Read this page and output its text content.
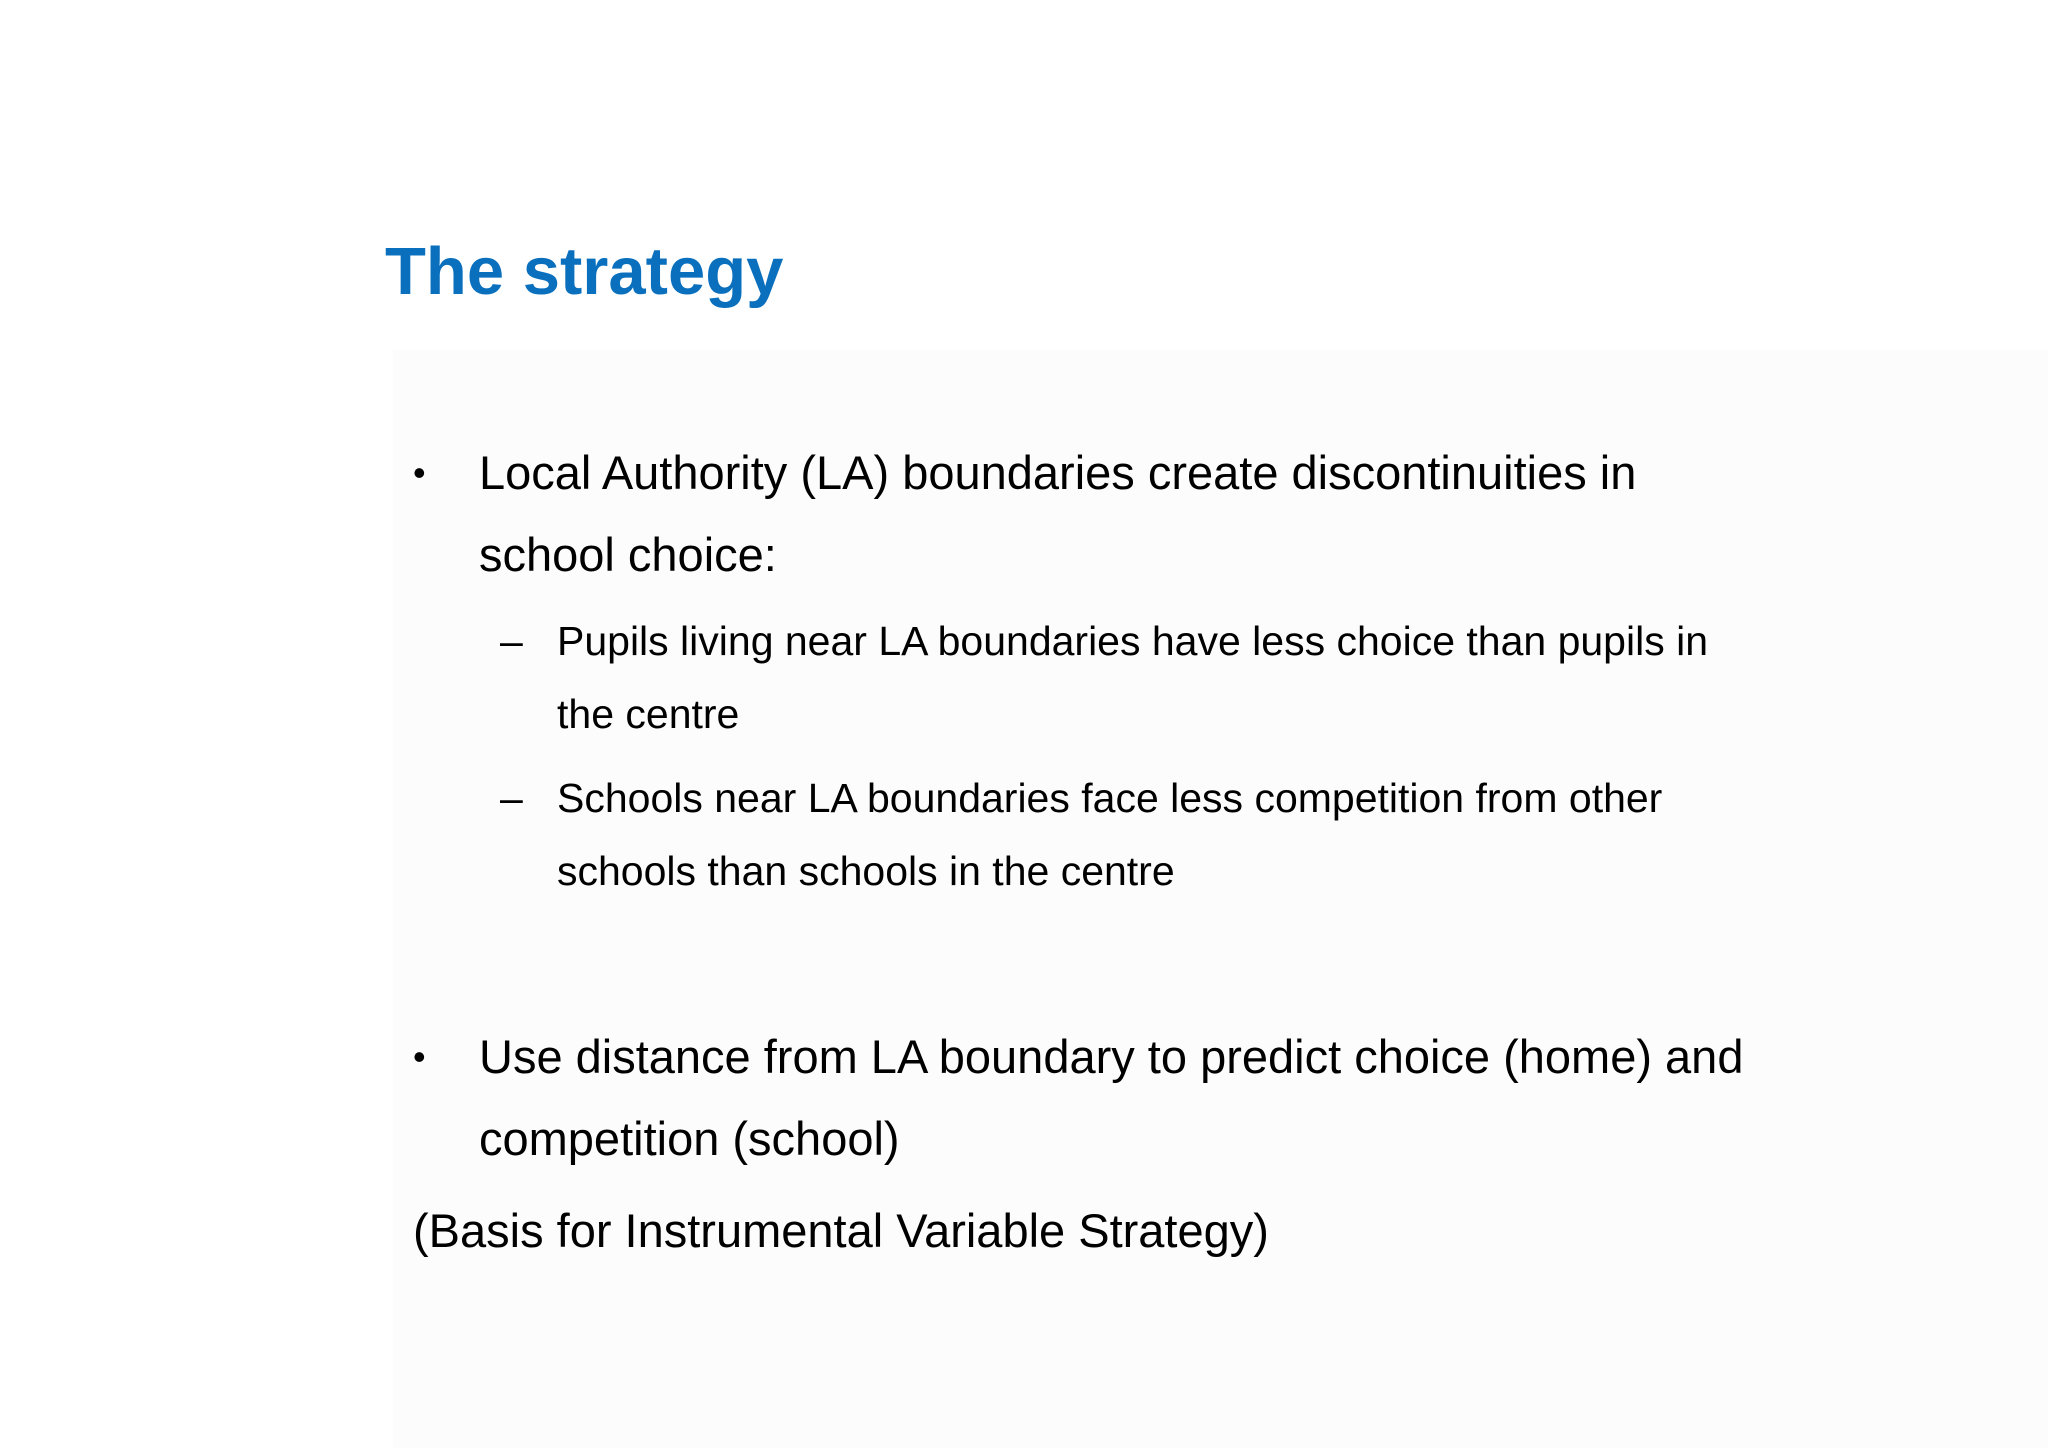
The strategy
• Local Authority (LA) boundaries create discontinuities in school choice:
– Pupils living near LA boundaries have less choice than pupils in the centre
– Schools near LA boundaries face less competition from other schools than schools in the centre
• Use distance from LA boundary to predict choice (home) and competition (school)
(Basis for Instrumental Variable Strategy)
